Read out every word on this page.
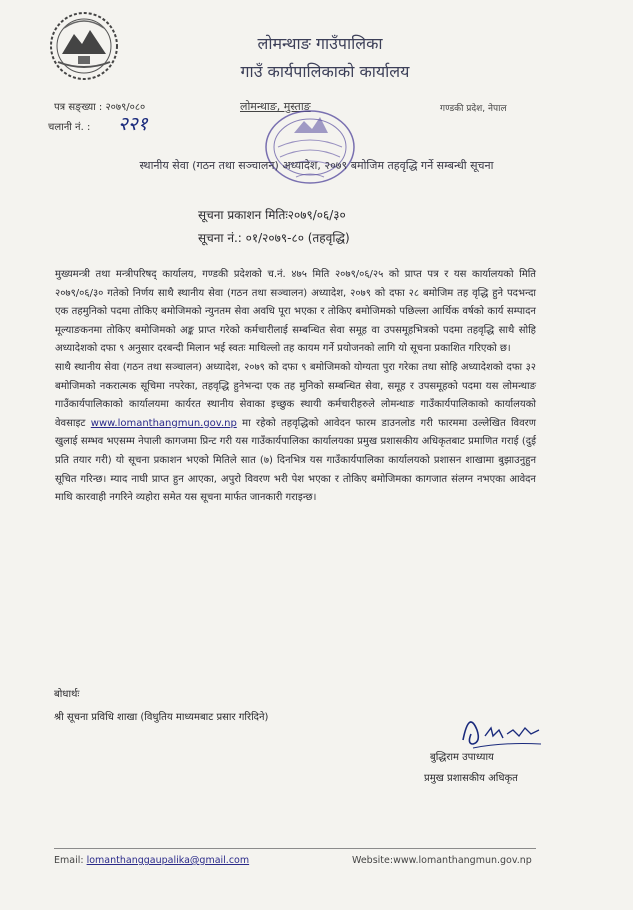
लोमन्थाङ गाउँपालिका
गाउँ कार्यपालिकाको कार्यालय
पत्र सङ्ख्या : २०७९/०८०
चलानी नं. : २२१
लोमन्थाङ, मुस्ताङ	गण्डकी प्रदेश, नेपाल
स्थानीय सेवा (गठन तथा सञ्चालन) अध्यादेश, २०७९ बमोजिम तहवृद्धि गर्ने सम्बन्धी सूचना
सूचना प्रकाशन मितिः२०७९/०६/३०
सूचना नं.: ०१/२०७९-८० (तहवृद्धि)

मुख्यमन्त्री तथा मन्त्रीपरिषद् कार्यालय, गण्डकी प्रदेशको च.नं. ४७५ मिति २०७९/०६/२५ को प्राप्त पत्र र यस कार्यालयको मिति २०७९/०६/३० गतेको निर्णय साथै स्थानीय सेवा (गठन तथा सञ्चालन) अध्यादेश, २०७९ को दफा २८ बमोजिम तह वृद्धि हुने पदभन्दा एक तहमुनिको पदमा तोकिए बमोजिमको न्युनतम सेवा अवधि पूरा भएका र तोकिए बमोजिमको पछिल्ला आर्थिक वर्षको कार्य सम्पादन मूल्याङकनमा तोकिए बमोजिमको अङ्क प्राप्त गरेको कर्मचारीलाई सम्बन्धित सेवा समूह वा उपसमूहभित्रको पदमा तहवृद्धि साथै सोहि अध्यादेशको दफा ९ अनुसार दरबन्दी मिलान भई स्वतः माथिल्लो तह कायम गर्ने प्रयोजनको लागि यो सूचना प्रकाशित गरिएको छ।

साथै स्थानीय सेवा (गठन तथा सञ्चालन) अध्यादेश, २०७९ को दफा ९ बमोजिमको योग्यता पुरा गरेका तथा सोहि अध्यादेशको दफा ३२ बमोजिमको नकरात्मक सूचिमा नपरेका, तहवृद्धि हुनेभन्दा एक तह मुनिको सम्बन्धित सेवा, समूह र उपसमूहको पदमा यस लोमन्थाङ गाउँकार्यपालिकाको कार्यालयमा कार्यरत स्थानीय सेवाका इच्छुक स्थायी कर्मचारीहरुले लोमन्थाङ गाउँकार्यपालिकाको कार्यालयको वेवसाइट www.lomanthangmun.gov.np मा रहेको तहवृद्धिको आवेदन फारम डाउनलोड गरी फारममा उल्लेखित विवरण खुलाई सम्भव भएसम्म नेपाली कागजमा प्रिन्ट गरी यस गाउँकार्यपालिका कार्यालयका प्रमुख प्रशासकीय अधिकृतबाट प्रमाणित गराई (दुई प्रति तयार गरी) यो सूचना प्रकाशन भएको मितिले सात (७) दिनभित्र यस गाउँकार्यपालिका कार्यालयको प्रशासन शाखामा बुझाउनुहुन सूचित गरिन्छ। म्याद नाघी प्राप्त हुन आएका, अपुरो विवरण भरी पेश भएका र तोकिए बमोजिमका कागजात संलग्न नभएका आवेदन माथि कारवाही नगरिने व्यहोरा समेत यस सूचना मार्फत जानकारी गराइन्छ।

बोधार्थः
श्री सूचना प्रविधि शाखा (विधुतिय माध्यमबाट प्रसार गरिदिने)
बुद्धिराम उपाध्याय
प्रमुख प्रशासकीय अधिकृत
Email: lomanthanggaupalika@gmail.com	Website:www.lomanthangmun.gov.np
